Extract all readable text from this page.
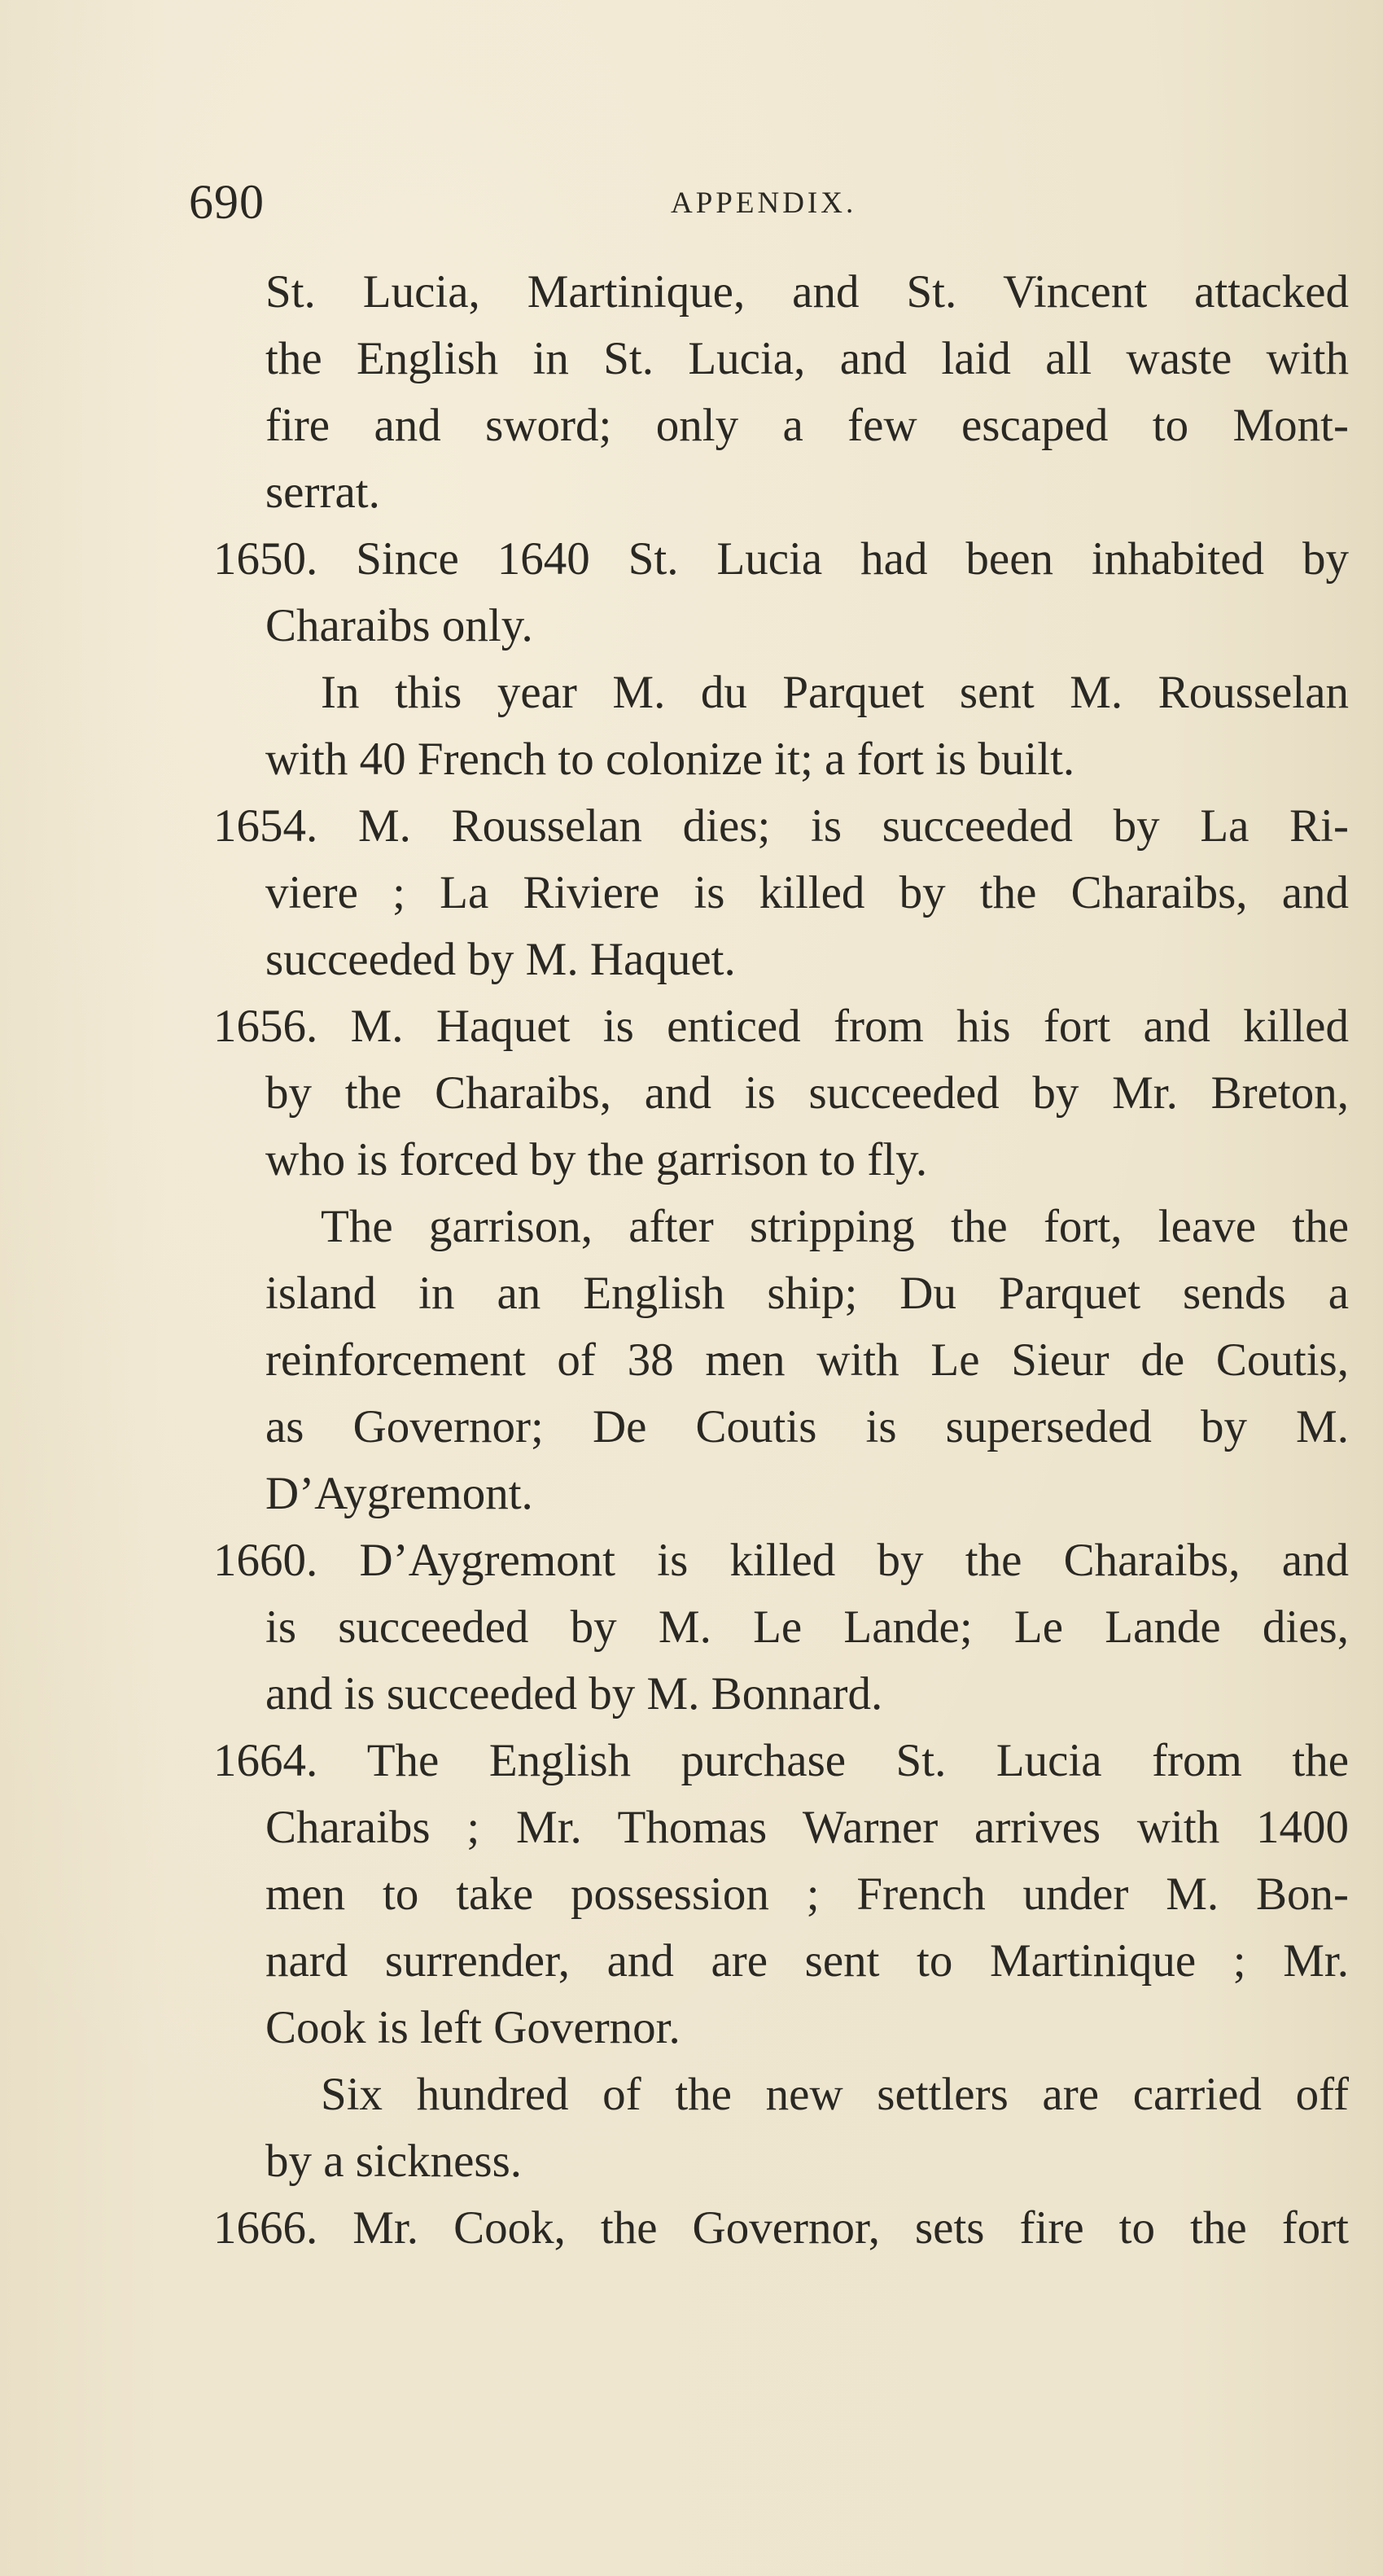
690	APPENDIX.
St. Lucia, Martinique, and St. Vincent attacked
the English in St. Lucia, and laid all waste with
fire and sword; only a few escaped to Mont-
serrat.
1650. Since 1640 St. Lucia had been inhabited by
Charaibs only.
In this year M. du Parquet sent M. Rousselan
with 40 French to colonize it; a fort is built.
1654. M. Rousselan dies; is succeeded by La Ri-
viere ; La Riviere is killed by the Charaibs, and
succeeded by M. Haquet.
1656. M. Haquet is enticed from his fort and killed
by the Charaibs, and is succeeded by Mr. Breton,
who is forced by the garrison to fly.
The garrison, after stripping the fort, leave the
island in an English ship; Du Parquet sends a
reinforcement of 38 men with Le Sieur de Coutis,
as Governor; De Coutis is superseded by M.
D’Aygremont.
1660. D’Aygremont is killed by the Charaibs, and
is succeeded by M. Le Lande; Le Lande dies,
and is succeeded by M. Bonnard.
1664. The English purchase St. Lucia from the
Charaibs ; Mr. Thomas Warner arrives with 1400
men to take possession ; French under M. Bon-
nard surrender, and are sent to Martinique ; Mr.
Cook is left Governor.
Six hundred of the new settlers are carried off
by a sickness.
1666. Mr. Cook, the Governor, sets fire to the fort
